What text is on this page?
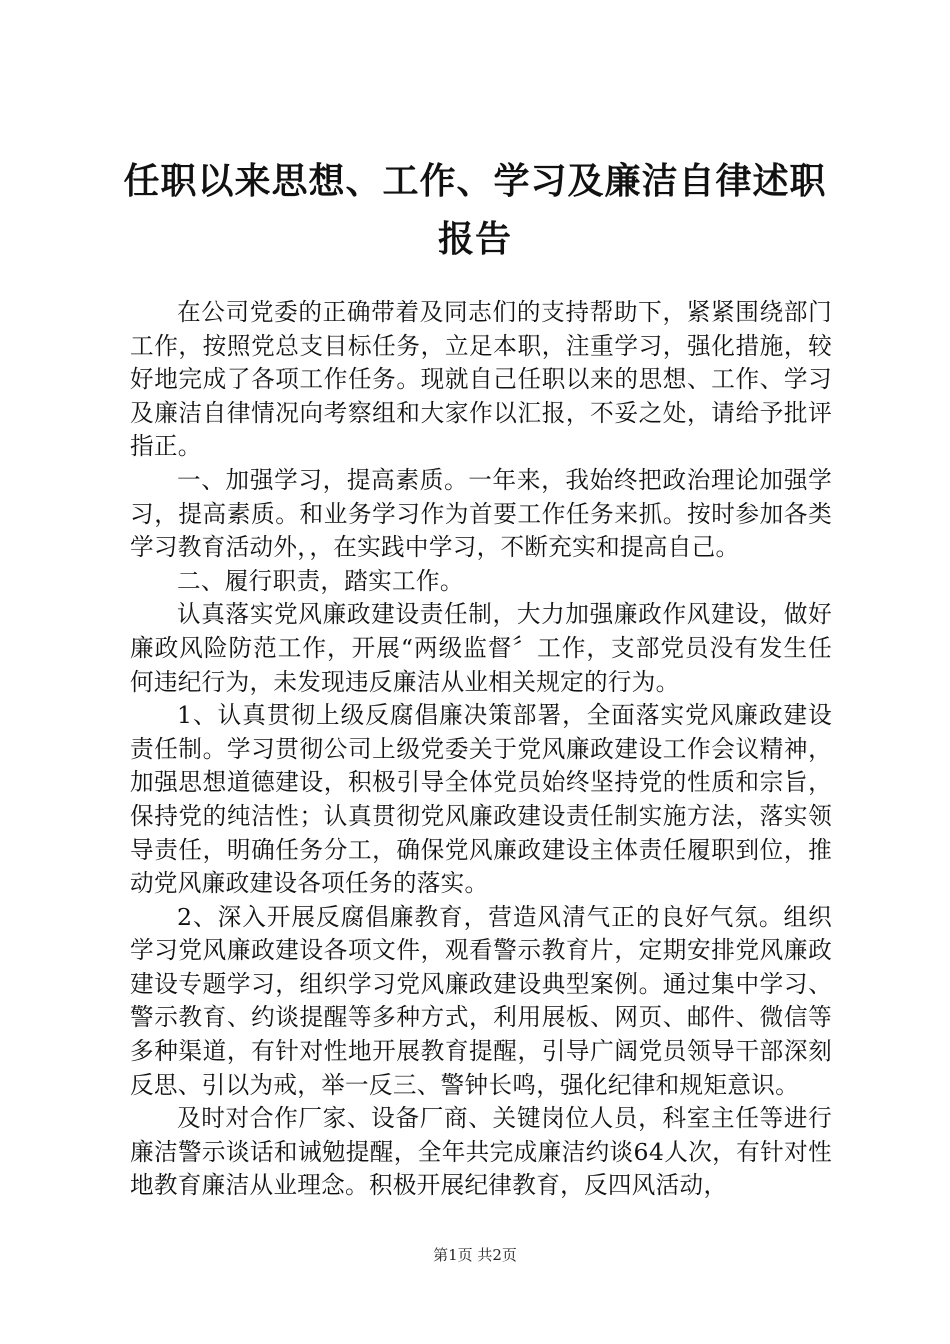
任职以来思想、工作、学习及廉洁自律述职报告

在公司党委的正确带着及同志们的支持帮助下，紧紧围绕部门工作，按照党总支目标任务，立足本职，注重学习，强化措施，较好地完成了各项工作任务。现就自己任职以来的思想、工作、学习及廉洁自律情况向考察组和大家作以汇报，不妥之处，请给予批评指正。

一、加强学习，提高素质。一年来，我始终把政治理论加强学习，提高素质。和业务学习作为首要工作任务来抓。按时参加各类学习教育活动外，，在实践中学习，不断充实和提高自己。

二、履行职责，踏实工作。

认真落实党风廉政建设责任制，大力加强廉政作风建设，做好廉政风险防范工作，开展“两级监督〞工作，支部党员没有发生任何违纪行为，未发现违反廉洁从业相关规定的行为。

1、认真贯彻上级反腐倡廉决策部署，全面落实党风廉政建设责任制。学习贯彻公司上级党委关于党风廉政建设工作会议精神，加强思想道德建设，积极引导全体党员始终坚持党的性质和宗旨，保持党的纯洁性；认真贯彻党风廉政建设责任制实施方法，落实领导责任，明确任务分工，确保党风廉政建设主体责任履职到位，推动党风廉政建设各项任务的落实。

2、深入开展反腐倡廉教育，营造风清气正的良好气氛。组织学习党风廉政建设各项文件，观看警示教育片，定期安排党风廉政建设专题学习，组织学习党风廉政建设典型案例。通过集中学习、警示教育、约谈提醒等多种方式，利用展板、网页、邮件、微信等多种渠道，有针对性地开展教育提醒，引导广阔党员领导干部深刻反思、引以为戒，举一反三、警钟长鸣，强化纪律和规矩意识。

及时对合作厂家、设备厂商、关键岗位人员，科室主任等进行廉洁警示谈话和诫勉提醒，全年共完成廉洁约谈64人次，有针对性地教育廉洁从业理念。积极开展纪律教育，反四风活动，

第1页 共2页
